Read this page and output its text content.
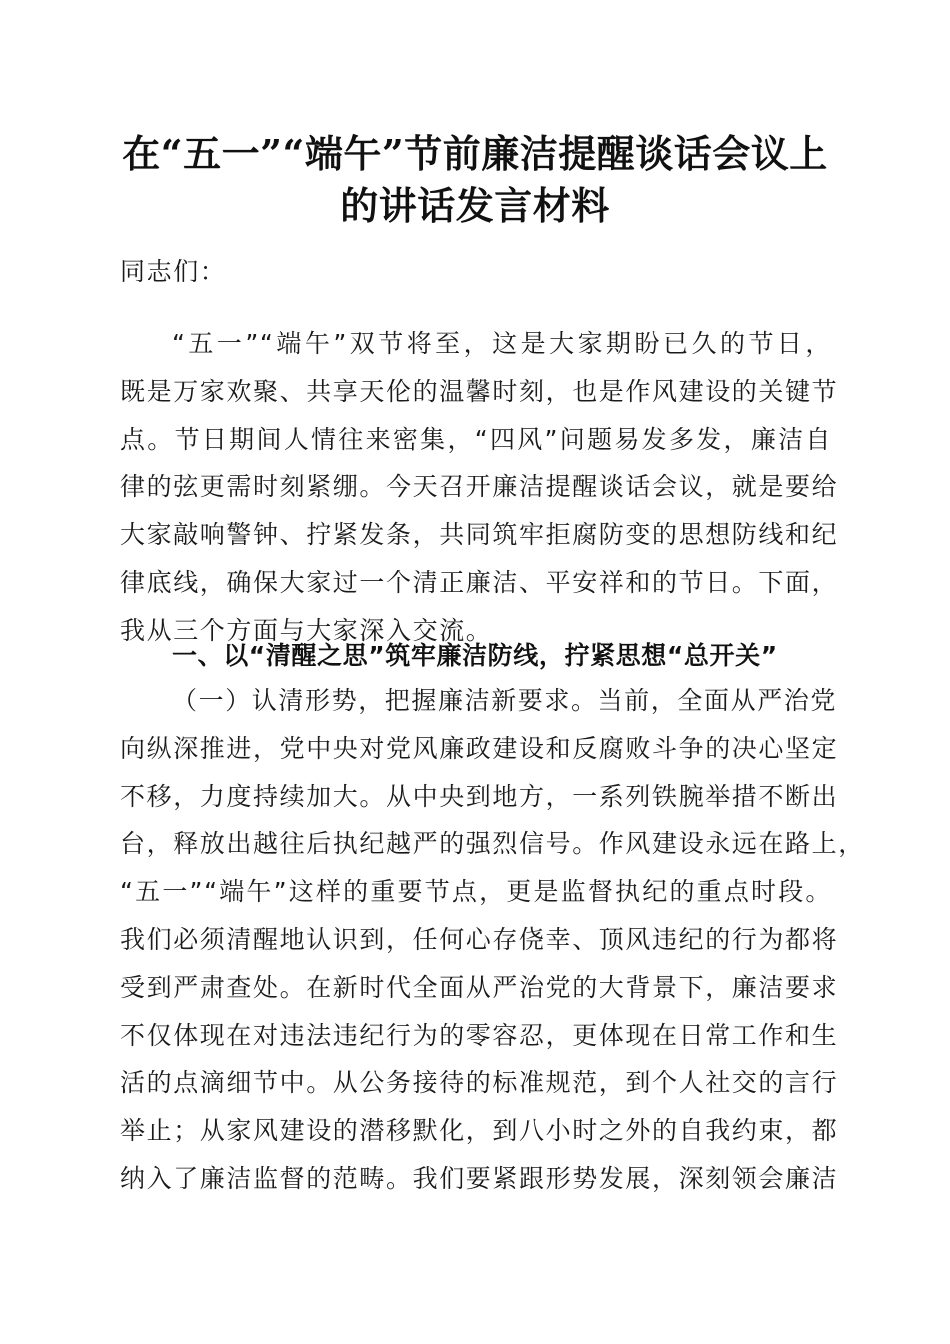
在“五一”“端午”节前廉洁提醒谈话会议上
的讲话发言材料
同志们：
“五一”“端午”双节将至，这是大家期盼已久的节日，
既是万家欢聚、共享天伦的温馨时刻，也是作风建设的关键节
点。节日期间人情往来密集，“四风”问题易发多发，廉洁自
律的弦更需时刻紧绷。今天召开廉洁提醒谈话会议，就是要给
大家敲响警钟、拧紧发条，共同筑牢拒腐防变的思想防线和纪
律底线，确保大家过一个清正廉洁、平安祥和的节日。下面，
我从三个方面与大家深入交流。
一、以“清醒之思”筑牢廉洁防线，拧紧思想“总开关”
（一）认清形势，把握廉洁新要求。当前，全面从严治党
向纵深推进，党中央对党风廉政建设和反腐败斗争的决心坚定
不移，力度持续加大。从中央到地方，一系列铁腕举措不断出
台，释放出越往后执纪越严的强烈信号。作风建设永远在路上，
“五一”“端午”这样的重要节点，更是监督执纪的重点时段。
我们必须清醒地认识到，任何心存侥幸、顶风违纪的行为都将
受到严肃查处。在新时代全面从严治党的大背景下，廉洁要求
不仅体现在对违法违纪行为的零容忍，更体现在日常工作和生
活的点滴细节中。从公务接待的标准规范，到个人社交的言行
举止；从家风建设的潜移默化，到八小时之外的自我约束，都
纳入了廉洁监督的范畴。我们要紧跟形势发展，深刻领会廉洁
